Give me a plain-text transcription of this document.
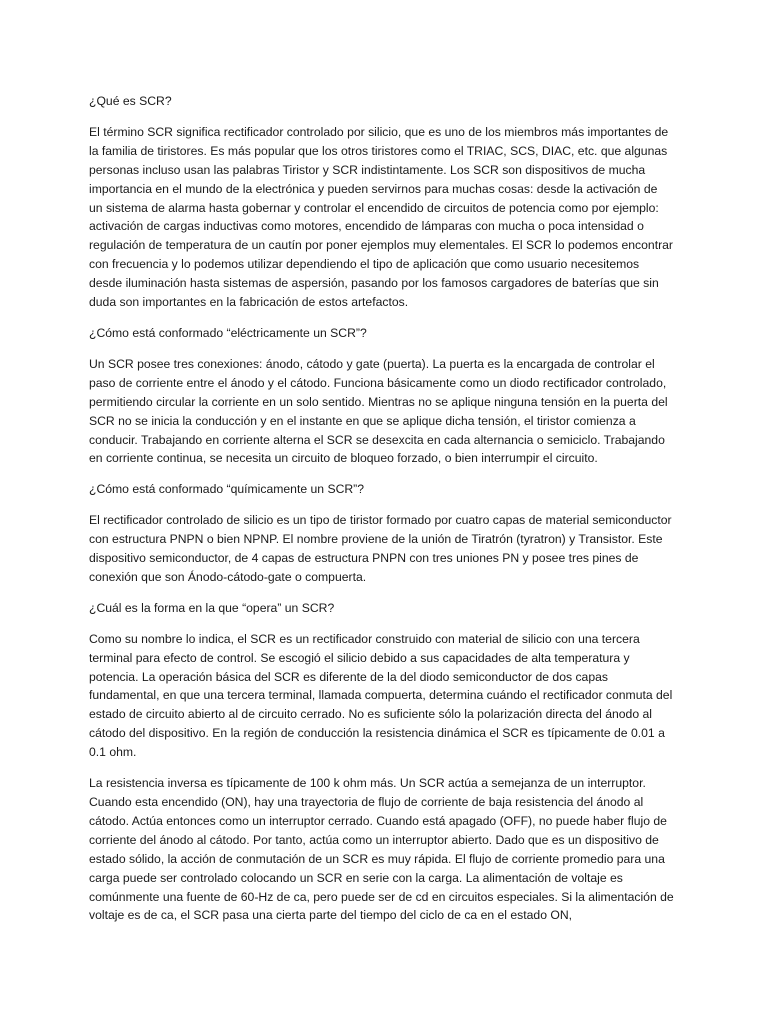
¿Qué es SCR?

El término SCR significa rectificador controlado por silicio, que es uno de los miembros más importantes de la familia de tiristores. Es más popular que los otros tiristores como el TRIAC, SCS, DIAC, etc. que algunas personas incluso usan las palabras Tiristor y SCR indistintamente. Los SCR son dispositivos de mucha importancia en el mundo de la electrónica y pueden servirnos para muchas cosas: desde la activación de un sistema de alarma hasta gobernar y controlar el encendido de circuitos de potencia como por ejemplo: activación de cargas inductivas como motores, encendido de lámparas con mucha o poca intensidad o regulación de temperatura de un cautín por poner ejemplos muy elementales. El SCR lo podemos encontrar con frecuencia y lo podemos utilizar dependiendo el tipo de aplicación que como usuario necesitemos desde iluminación hasta sistemas de aspersión, pasando por los famosos cargadores de baterías que sin duda son importantes en la fabricación de estos artefactos.

¿Cómo está conformado “eléctricamente un SCR”?

Un SCR posee tres conexiones: ánodo, cátodo y gate (puerta). La puerta es la encargada de controlar el paso de corriente entre el ánodo y el cátodo. Funciona básicamente como un diodo rectificador controlado, permitiendo circular la corriente en un solo sentido. Mientras no se aplique ninguna tensión en la puerta del SCR no se inicia la conducción y en el instante en que se aplique dicha tensión, el tiristor comienza a conducir. Trabajando en corriente alterna el SCR se desexcita en cada alternancia o semiciclo. Trabajando en corriente continua, se necesita un circuito de bloqueo forzado, o bien interrumpir el circuito.

¿Cómo está conformado “químicamente un SCR”?

El rectificador controlado de silicio es un tipo de tiristor formado por cuatro capas de material semiconductor con estructura PNPN o bien NPNP. El nombre proviene de la unión de Tiratrón (tyratron) y Transistor. Este dispositivo semiconductor, de 4 capas de estructura PNPN con tres uniones PN y posee tres pines de conexión que son Ánodo-cátodo-gate o compuerta.

¿Cuál es la forma en la que “opera” un SCR?

Como su nombre lo indica, el SCR es un rectificador construido con material de silicio con una tercera terminal para efecto de control. Se escogió el silicio debido a sus capacidades de alta temperatura y potencia. La operación básica del SCR es diferente de la del diodo semiconductor de dos capas fundamental, en que una tercera terminal, llamada compuerta, determina cuándo el rectificador conmuta del estado de circuito abierto al de circuito cerrado. No es suficiente sólo la polarización directa del ánodo al cátodo del dispositivo. En la región de conducción la resistencia dinámica el SCR es típicamente de 0.01 a 0.1 ohm.

La resistencia inversa es típicamente de 100 k ohm más. Un SCR actúa a semejanza de un interruptor. Cuando esta encendido (ON), hay una trayectoria de flujo de corriente de baja resistencia del ánodo al cátodo. Actúa entonces como un interruptor cerrado. Cuando está apagado (OFF), no puede haber flujo de corriente del ánodo al cátodo. Por tanto, actúa como un interruptor abierto. Dado que es un dispositivo de estado sólido, la acción de conmutación de un SCR es muy rápida. El flujo de corriente promedio para una carga puede ser controlado colocando un SCR en serie con la carga. La alimentación de voltaje es comúnmente una fuente de 60-Hz de ca, pero puede ser de cd en circuitos especiales. Si la alimentación de voltaje es de ca, el SCR pasa una cierta parte del tiempo del ciclo de ca en el estado ON,
